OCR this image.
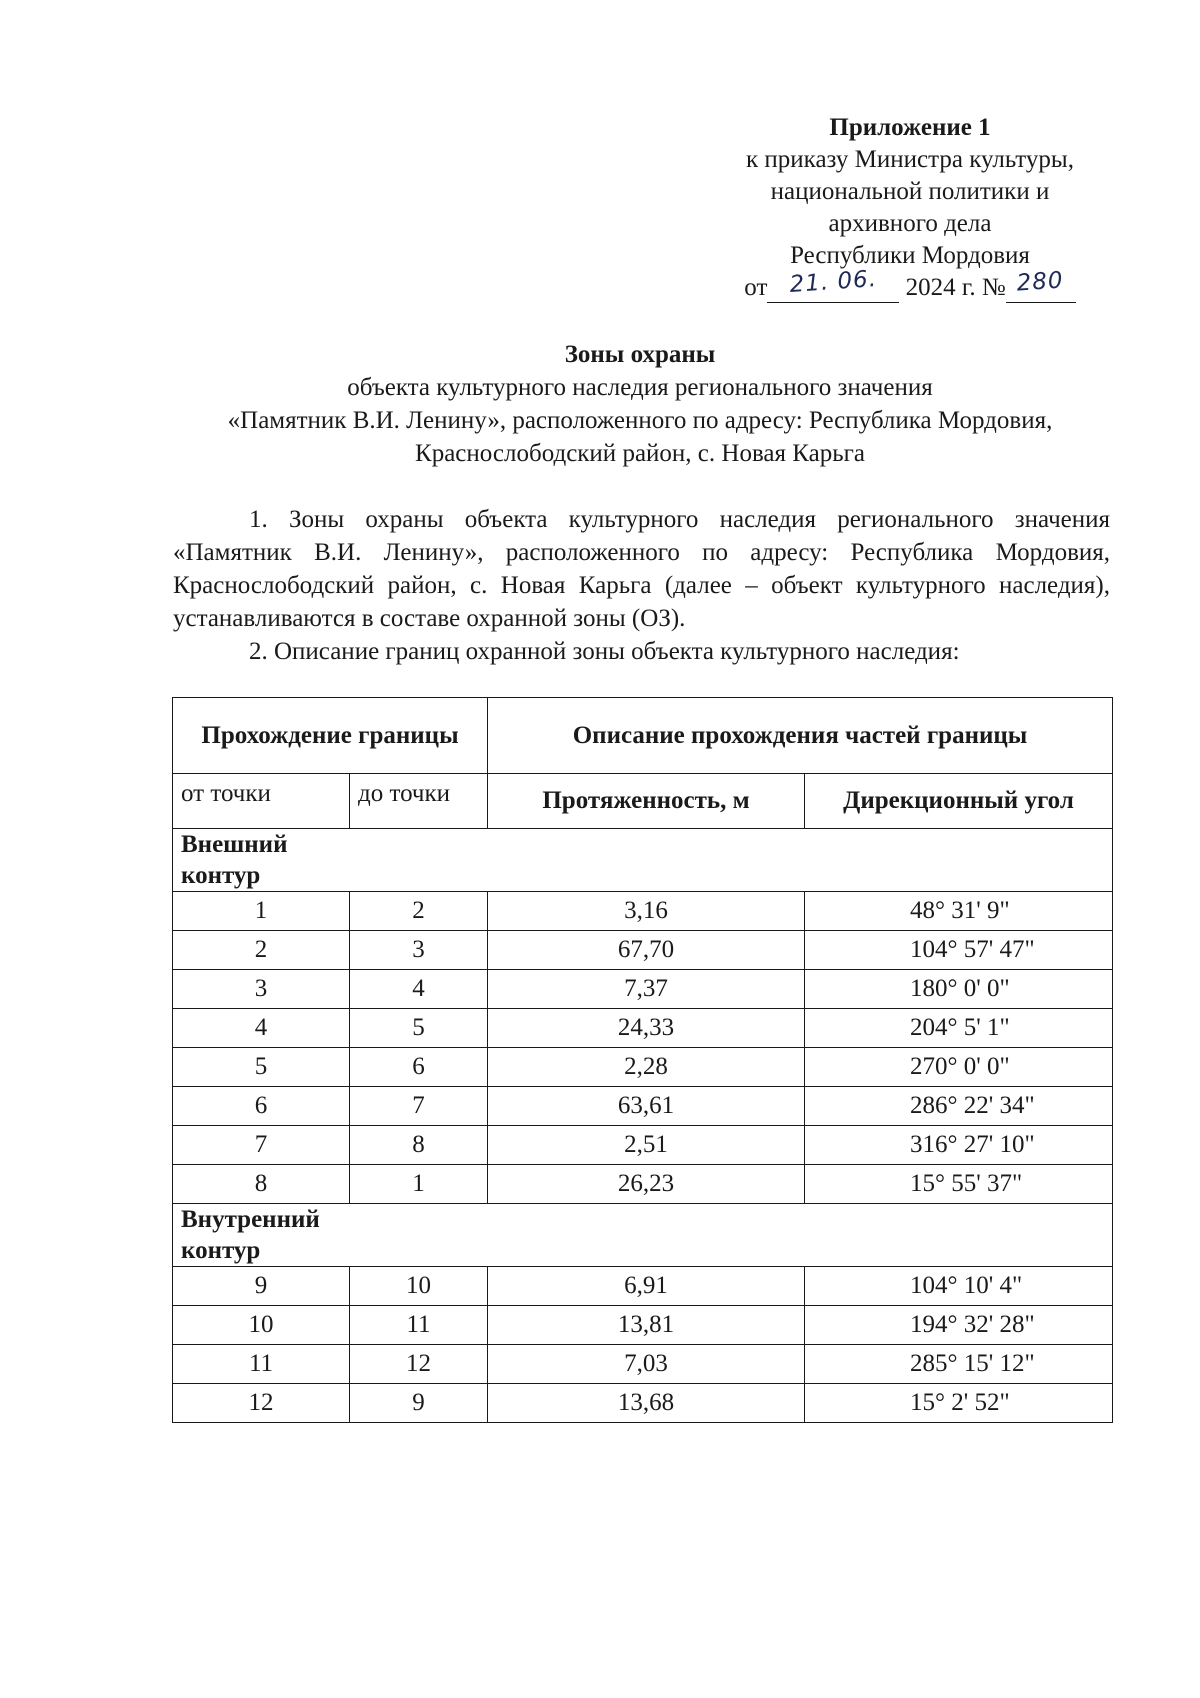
Приложение 1
к приказу Министра культуры,
национальной политики и
архивного дела
Республики Мордовия
от 21. 06. 2024 г. № 280
Зоны охраны
объекта культурного наследия регионального значения
«Памятник В.И. Ленину», расположенного по адресу: Республика Мордовия,
Краснослободский район, с. Новая Карьга

1. Зоны охраны объекта культурного наследия регионального значения «Памятник В.И. Ленину», расположенного по адресу: Республика Мордовия, Краснослободский район, с. Новая Карьга (далее – объект культурного наследия), устанавливаются в составе охранной зоны (ОЗ).

2. Описание границ охранной зоны объекта культурного наследия:

Прохождение границы		Описание прохождения частей границы	
от точки	до точки	Протяженность, м	Дирекционный угол

Внешний контур			

1	2	3,16	48° 31' 9"
2	3	67,70	104° 57' 47"
3	4	7,37	180° 0' 0"
4	5	24,33	204° 5' 1"
5	6	2,28	270° 0' 0"
6	7	63,61	286° 22' 34"
7	8	2,51	316° 27' 10"
8	1	26,23	15° 55' 37"

Внутренний контур			

9	10	6,91	104° 10' 4"
10	11	13,81	194° 32' 28"
11	12	7,03	285° 15' 12"
12	9	13,68	15° 2' 52"
